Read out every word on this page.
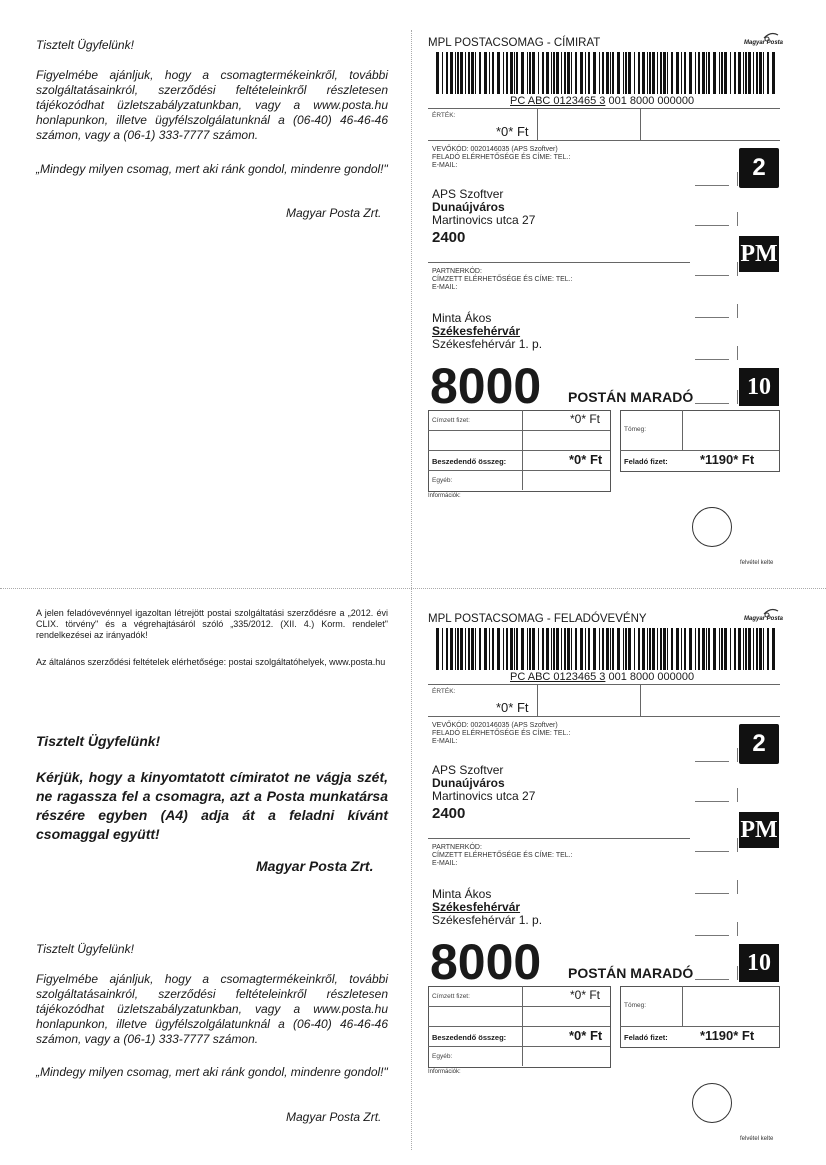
Tisztelt Ügyfelünk!
Figyelmébe ajánljuk, hogy a csomagtermékeinkről, további szolgáltatásainkról, szerződési feltételeinkről részletesen tájékozódhat üzletszabályzatunkban, vagy a www.posta.hu honlapunkon, illetve ügyfélszolgálatunknál a (06-40) 46-46-46 számon, vagy a (06-1) 333-7777 számon.
„Mindegy milyen csomag, mert aki ránk gondol, mindenre gondol!"
Magyar Posta Zrt.
A jelen feladóvevénnyel igazoltan létrejött postai szolgáltatási szerződésre a „2012. évi CLIX. törvény" és a végrehajtásáról szóló „335/2012. (XII. 4.) Korm. rendelet" rendelkezései az irányadók!
Az általános szerződési feltételek elérhetősége: postai szolgáltatóhelyek, www.posta.hu
Tisztelt Ügyfelünk!
Kérjük, hogy a kinyomtatott címiratot ne vágja szét, ne ragassza fel a csomagra, azt a Posta munkatársa részére egyben (A4) adja át a feladni kívánt csomaggal együtt!
Magyar Posta Zrt.
Tisztelt Ügyfelünk!
Figyelmébe ajánljuk, hogy a csomagtermékeinkről, további szolgáltatásainkról, szerződési feltételeinkről részletesen tájékozódhat üzletszabályzatunkban, vagy a www.posta.hu honlapunkon, illetve ügyfélszolgálatunknál a (06-40) 46-46-46 számon, vagy a (06-1) 333-7777 számon.
„Mindegy milyen csomag, mert aki ránk gondol, mindenre gondol!"
Magyar Posta Zrt.
MPL POSTACSOMAG - CÍMIRAT	Magyar Posta
PC ABC 0123465 3 001 8000 000000
ÉRTÉK:
*0* Ft
VEVŐKÓD: 0020146035 (APS Szoftver)
FELADÓ ELÉRHETŐSÉGE ÉS CÍME: TEL.:
E-MAIL:
APS Szoftver
Dunaújváros
Martinovics utca 27
2400
2
PM
PARTNERKÓD:
CÍMZETT ELÉRHETŐSÉGE ÉS CÍME: TEL.:
E-MAIL:
Minta Ákos
Székesfehérvár
Székesfehérvár 1. p.
8000 POSTÁN MARADÓ	10
Címzett fizet:	*0* Ft
Beszedendő összeg:	*0* Ft
Egyéb:
Információk:
Tömeg:
Feladó fizet: *1190* Ft
felvétel kelte
MPL POSTACSOMAG - FELADÓVEVÉNY	Magyar Posta
PC ABC 0123465 3 001 8000 000000
ÉRTÉK:
*0* Ft
VEVŐKÓD: 0020146035 (APS Szoftver)
FELADÓ ELÉRHETŐSÉGE ÉS CÍME: TEL.:
E-MAIL:
APS Szoftver
Dunaújváros
Martinovics utca 27
2400
2
PM
PARTNERKÓD:
CÍMZETT ELÉRHETŐSÉGE ÉS CÍME: TEL.:
E-MAIL:
Minta Ákos
Székesfehérvár
Székesfehérvár 1. p.
8000 POSTÁN MARADÓ	10
Címzett fizet:	*0* Ft
Beszedendő összeg:	*0* Ft
Egyéb:
Információk:
Tömeg:
Feladó fizet: *1190* Ft
felvétel kelte
